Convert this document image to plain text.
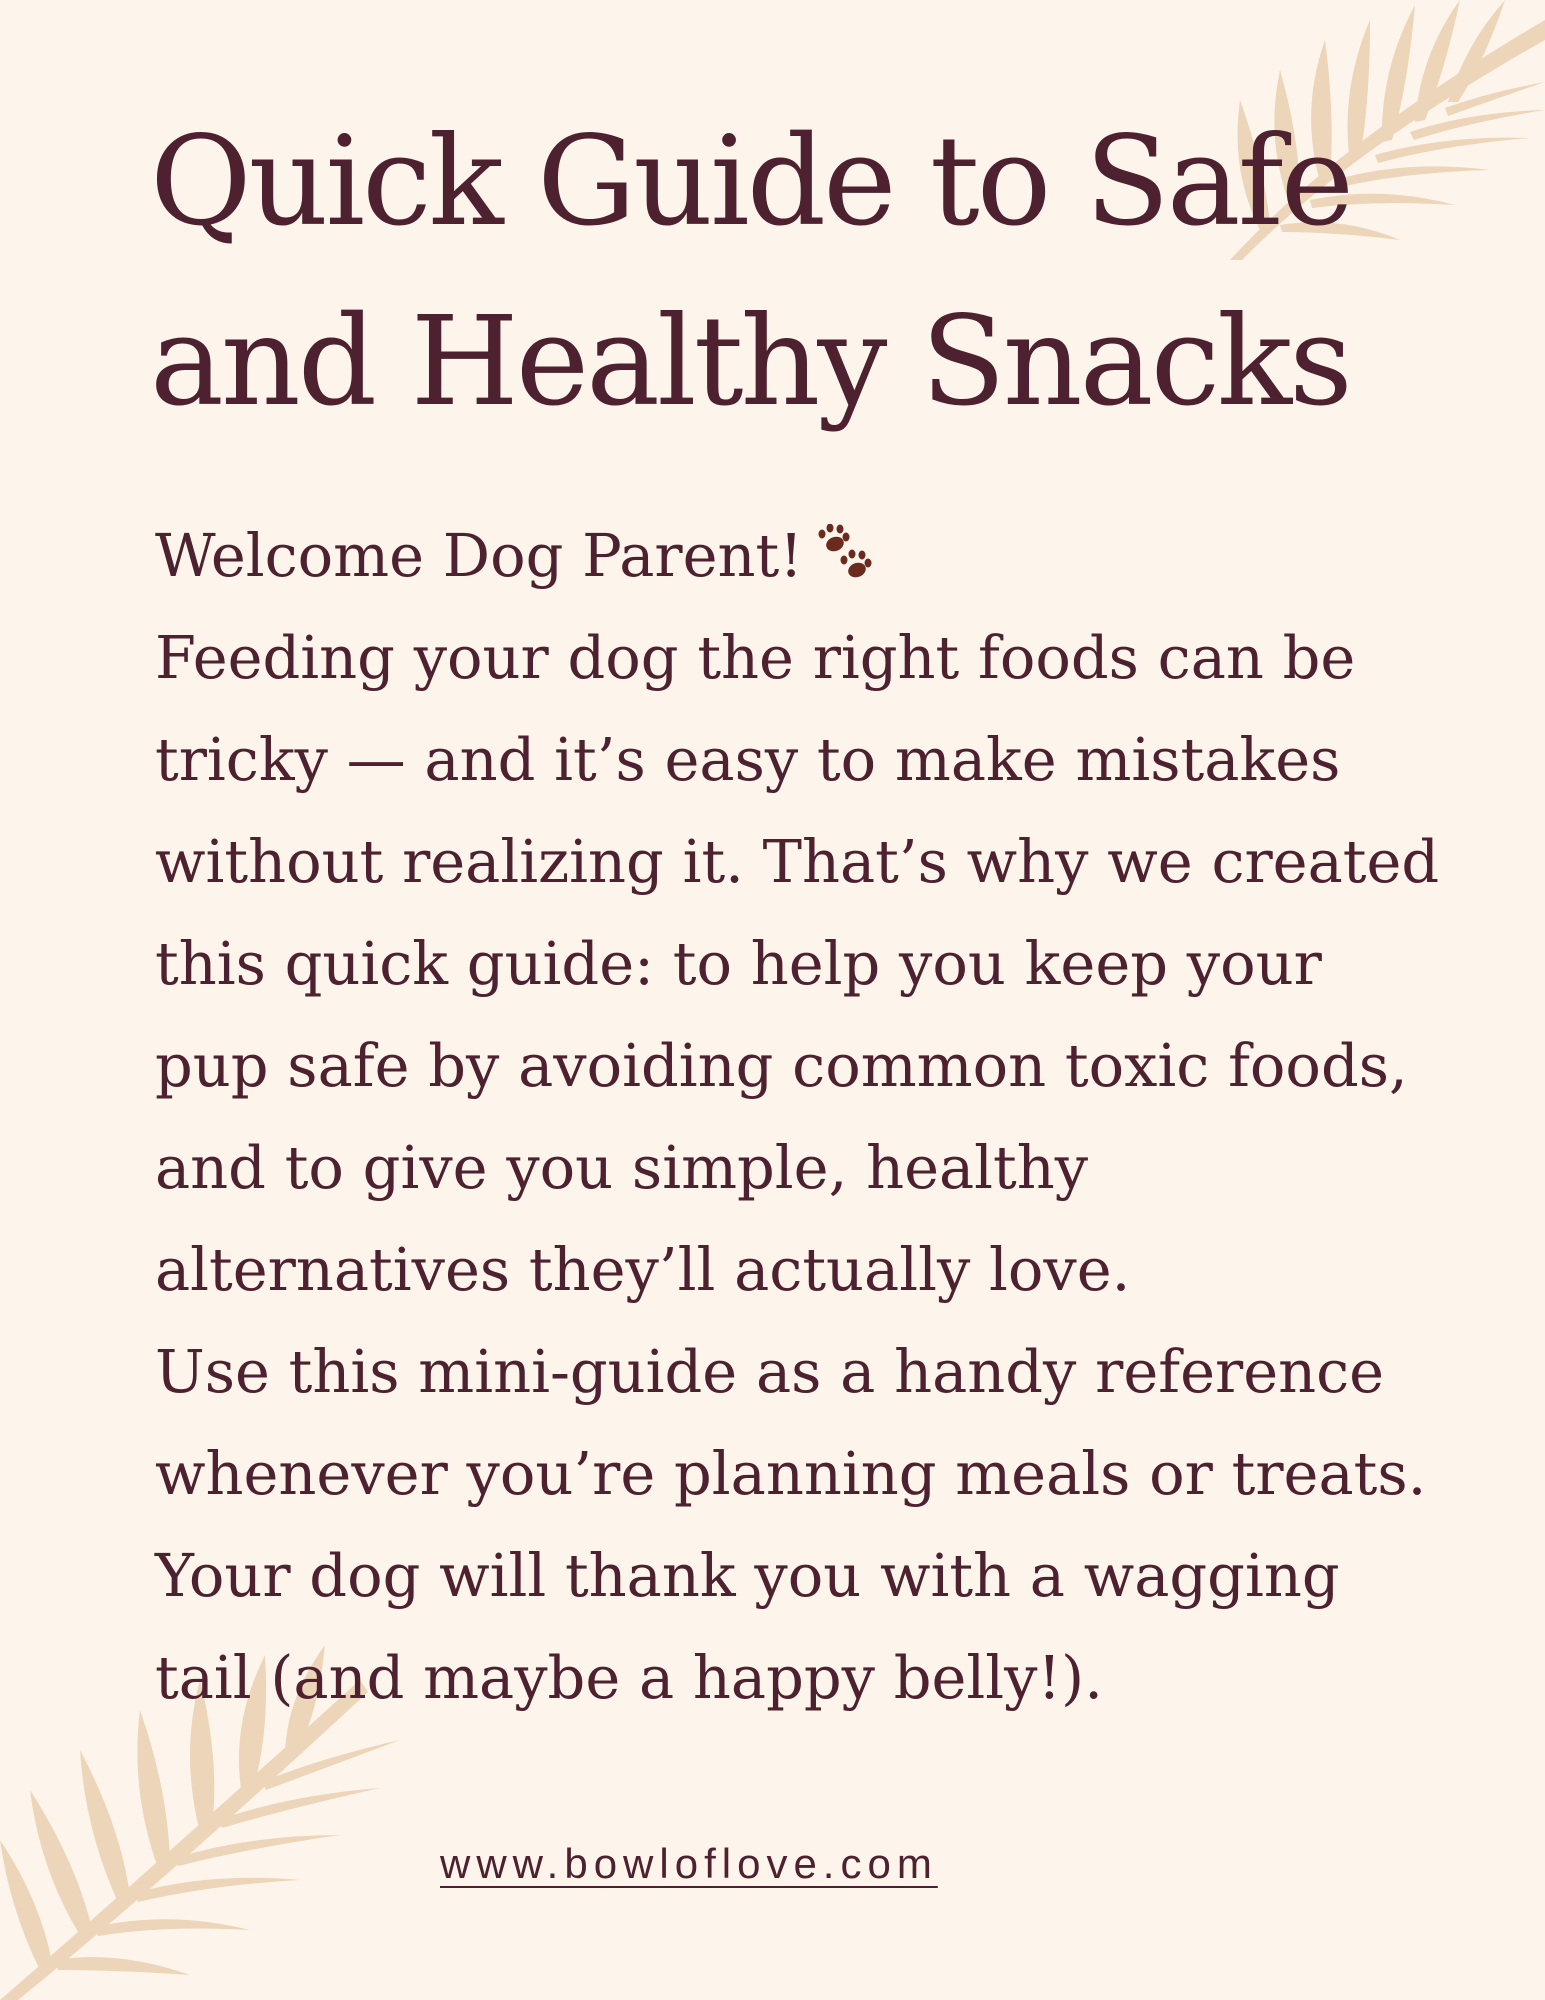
Quick Guide to Safe
and Healthy Snacks

Welcome Dog Parent!

Feeding your dog the right foods can be

tricky — and it’s easy to make mistakes

without realizing it. That’s why we created

this quick guide: to help you keep your

pup safe by avoiding common toxic foods,

and to give you simple, healthy

alternatives they’ll actually love.

Use this mini-guide as a handy reference

whenever you’re planning meals or treats.

Your dog will thank you with a wagging

tail (and maybe a happy belly!).

www.bowloflove.com
